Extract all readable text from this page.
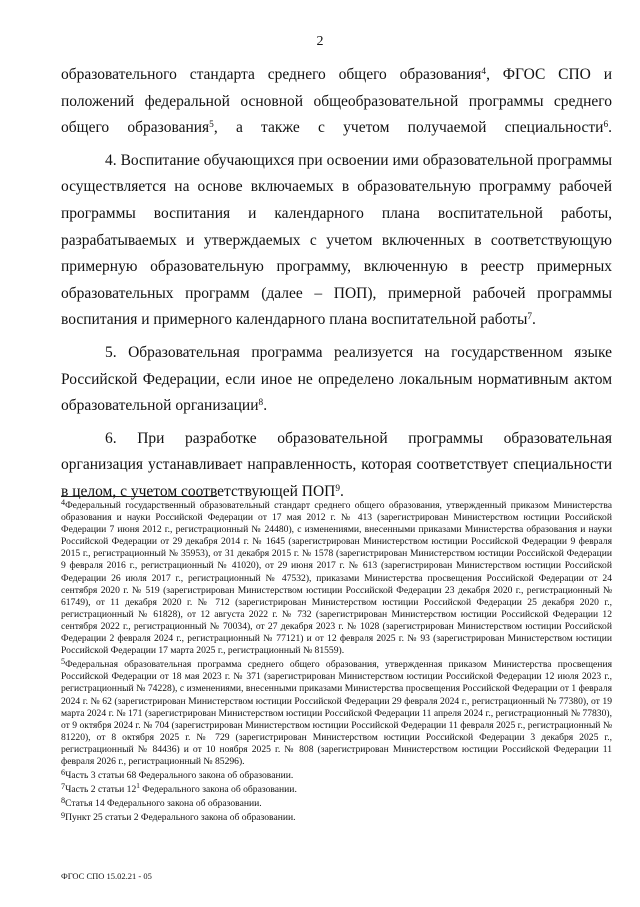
2

образовательного стандарта среднего общего образования$^4$, ФГОС СПО и положений федеральной основной общеобразовательной программы среднего общего образования$^5$, а также с учетом получаемой специальности$^6$.

4. Воспитание обучающихся при освоении ими образовательной программы осуществляется на основе включаемых в образовательную программу рабочей программы воспитания и календарного плана воспитательной работы, разрабатываемых и утверждаемых с учетом включенных в соответствующую примерную образовательную программу, включенную в реестр примерных образовательных программ (далее – ПОП), примерной рабочей программы воспитания и примерного календарного плана воспитательной работы$^7$.

5. Образовательная программа реализуется на государственном языке Российской Федерации, если иное не определено локальным нормативным актом образовательной организации$^8$.

6. При разработке образовательной программы образовательная организация устанавливает направленность, которая соответствует специальности в целом, с учетом соответствующей ПОП$^9$.

$^4$Федеральный государственный образовательный стандарт среднего общего образования, утвержденный приказом Министерства образования и науки Российской Федерации от 17 мая 2012 г. № 413 (зарегистрирован Министерством юстиции Российской Федерации 7 июня 2012 г., регистрационный № 24480), с изменениями, внесенными приказами Министерства образования и науки Российской Федерации от 29 декабря 2014 г. № 1645 (зарегистрирован Министерством юстиции Российской Федерации 9 февраля 2015 г., регистрационный № 35953), от 31 декабря 2015 г. № 1578 (зарегистрирован Министерством юстиции Российской Федерации 9 февраля 2016 г., регистрационный № 41020), от 29 июня 2017 г. № 613 (зарегистрирован Министерством юстиции Российской Федерации 26 июля 2017 г., регистрационный № 47532), приказами Министерства просвещения Российской Федерации от 24 сентября 2020 г. № 519 (зарегистрирован Министерством юстиции Российской Федерации 23 декабря 2020 г., регистрационный № 61749), от 11 декабря 2020 г. № 712 (зарегистрирован Министерством юстиции Российской Федерации 25 декабря 2020 г., регистрационный № 61828), от 12 августа 2022 г. № 732 (зарегистрирован Министерством юстиции Российской Федерации 12 сентября 2022 г., регистрационный № 70034), от 27 декабря 2023 г. № 1028 (зарегистрирован Министерством юстиции Российской Федерации 2 февраля 2024 г., регистрационный № 77121) и от 12 февраля 2025 г. № 93 (зарегистрирован Министерством юстиции Российской Федерации 17 марта 2025 г., регистрационный № 81559).

$^5$Федеральная образовательная программа среднего общего образования, утвержденная приказом Министерства просвещения Российской Федерации от 18 мая 2023 г. № 371 (зарегистрирован Министерством юстиции Российской Федерации 12 июля 2023 г., регистрационный № 74228), с изменениями, внесенными приказами Министерства просвещения Российской Федерации от 1 февраля 2024 г. № 62 (зарегистрирован Министерством юстиции Российской Федерации 29 февраля 2024 г., регистрационный № 77380), от 19 марта 2024 г. № 171 (зарегистрирован Министерством юстиции Российской Федерации 11 апреля 2024 г., регистрационный № 77830), от 9 октября 2024 г. № 704 (зарегистрирован Министерством юстиции Российской Федерации 11 февраля 2025 г., регистрационный № 81220), от 8 октября 2025 г. № 729 (зарегистрирован Министерством юстиции Российской Федерации 3 декабря 2025 г., регистрационный № 84436) и от 10 ноября 2025 г. № 808 (зарегистрирован Министерством юстиции Российской Федерации 11 февраля 2026 г., регистрационный № 85296).

$^6$Часть 3 статьи 68 Федерального закона об образовании.

$^7$Часть 2 статьи 12$^1$ Федерального закона об образовании.

$^8$Статья 14 Федерального закона об образовании.

$^9$Пункт 25 статьи 2 Федерального закона об образовании.

ФГОС СПО 15.02.21 - 05
